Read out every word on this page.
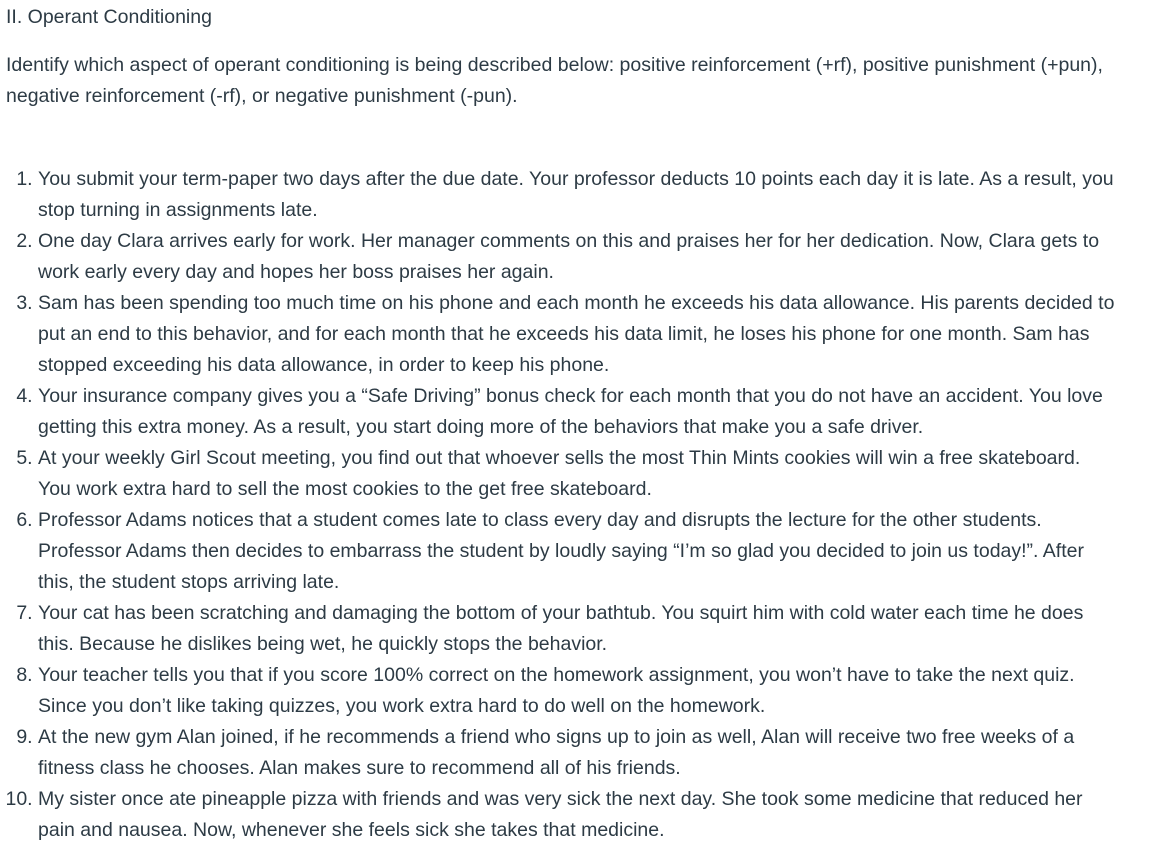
II. Operant Conditioning

Identify which aspect of operant conditioning is being described below: positive reinforcement (+rf), positive punishment (+pun), negative reinforcement (-rf), or negative punishment (-pun).

1. You submit your term-paper two days after the due date. Your professor deducts 10 points each day it is late. As a result, you stop turning in assignments late.
2. One day Clara arrives early for work. Her manager comments on this and praises her for her dedication. Now, Clara gets to work early every day and hopes her boss praises her again.
3. Sam has been spending too much time on his phone and each month he exceeds his data allowance. His parents decided to put an end to this behavior, and for each month that he exceeds his data limit, he loses his phone for one month. Sam has stopped exceeding his data allowance, in order to keep his phone.
4. Your insurance company gives you a “Safe Driving” bonus check for each month that you do not have an accident. You love getting this extra money. As a result, you start doing more of the behaviors that make you a safe driver.
5. At your weekly Girl Scout meeting, you find out that whoever sells the most Thin Mints cookies will win a free skateboard. You work extra hard to sell the most cookies to the get free skateboard.
6. Professor Adams notices that a student comes late to class every day and disrupts the lecture for the other students. Professor Adams then decides to embarrass the student by loudly saying “I’m so glad you decided to join us today!”. After this, the student stops arriving late.
7. Your cat has been scratching and damaging the bottom of your bathtub. You squirt him with cold water each time he does this. Because he dislikes being wet, he quickly stops the behavior.
8. Your teacher tells you that if you score 100% correct on the homework assignment, you won’t have to take the next quiz. Since you don’t like taking quizzes, you work extra hard to do well on the homework.
9. At the new gym Alan joined, if he recommends a friend who signs up to join as well, Alan will receive two free weeks of a fitness class he chooses. Alan makes sure to recommend all of his friends.
10. My sister once ate pineapple pizza with friends and was very sick the next day. She took some medicine that reduced her pain and nausea. Now, whenever she feels sick she takes that medicine.
